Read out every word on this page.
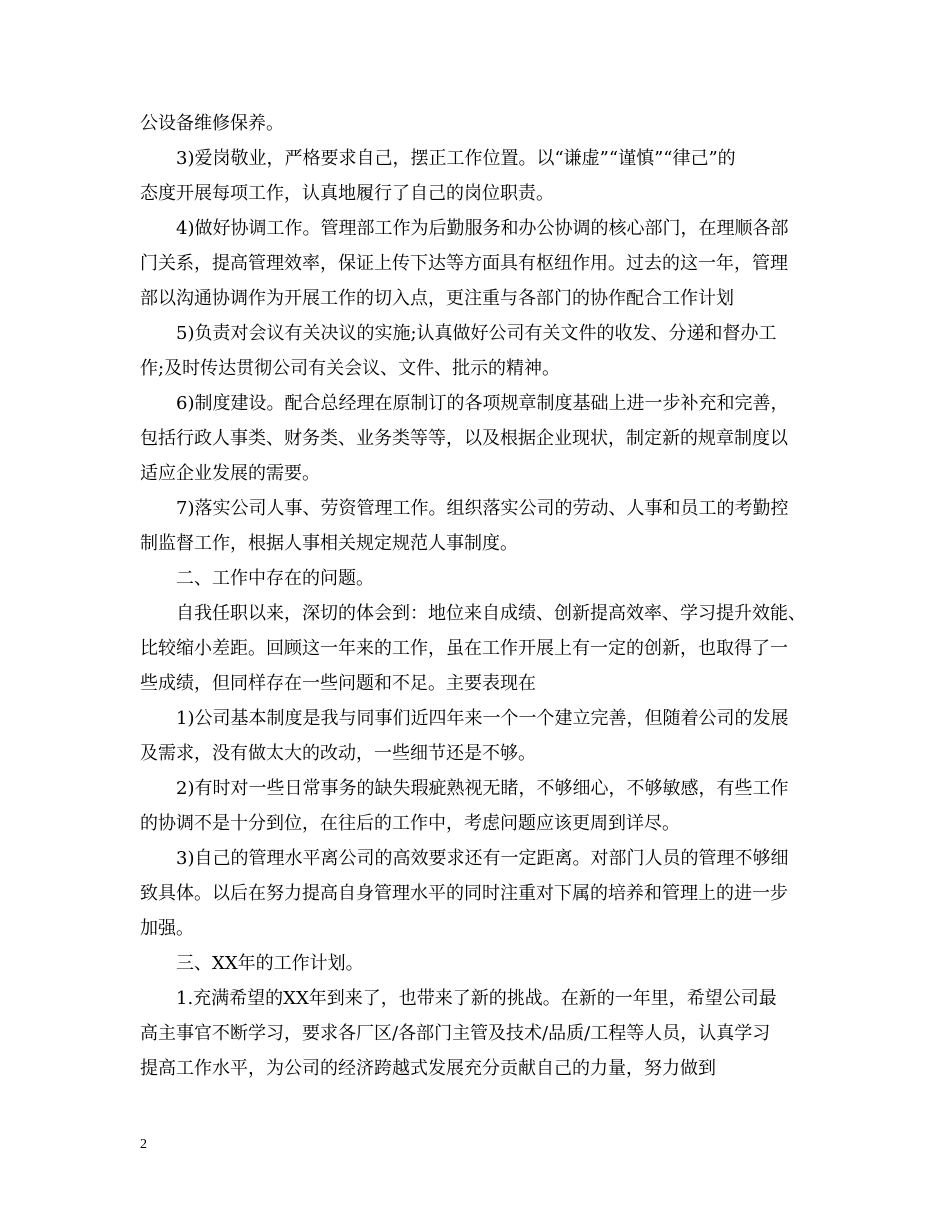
公设备维修保养。

3)爱岗敬业，严格要求自己，摆正工作位置。以“谦虚”“谨慎”“律己”的
态度开展每项工作，认真地履行了自己的岗位职责。

4)做好协调工作。管理部工作为后勤服务和办公协调的核心部门，在理顺各部
门关系，提高管理效率，保证上传下达等方面具有枢纽作用。过去的这一年，管理
部以沟通协调作为开展工作的切入点，更注重与各部门的协作配合工作计划

5)负责对会议有关决议的实施;认真做好公司有关文件的收发、分递和督办工
作;及时传达贯彻公司有关会议、文件、批示的精神。

6)制度建设。配合总经理在原制订的各项规章制度基础上进一步补充和完善，
包括行政人事类、财务类、业务类等等，以及根据企业现状，制定新的规章制度以
适应企业发展的需要。

7)落实公司人事、劳资管理工作。组织落实公司的劳动、人事和员工的考勤控
制监督工作，根据人事相关规定规范人事制度。

二、工作中存在的问题。

自我任职以来，深切的体会到：地位来自成绩、创新提高效率、学习提升效能、
比较缩小差距。回顾这一年来的工作，虽在工作开展上有一定的创新，也取得了一
些成绩，但同样存在一些问题和不足。主要表现在

1)公司基本制度是我与同事们近四年来一个一个建立完善，但随着公司的发展
及需求，没有做太大的改动，一些细节还是不够。

2)有时对一些日常事务的缺失瑕疵熟视无睹，不够细心，不够敏感，有些工作
的协调不是十分到位，在往后的工作中，考虑问题应该更周到详尽。

3)自己的管理水平离公司的高效要求还有一定距离。对部门人员的管理不够细
致具体。以后在努力提高自身管理水平的同时注重对下属的培养和管理上的进一步
加强。

三、XX年的工作计划。

1.充满希望的XX年到来了，也带来了新的挑战。在新的一年里，希望公司最
高主事官不断学习，要求各厂区/各部门主管及技术/品质/工程等人员，认真学习
提高工作水平，为公司的经济跨越式发展充分贡献自己的力量，努力做到

2
